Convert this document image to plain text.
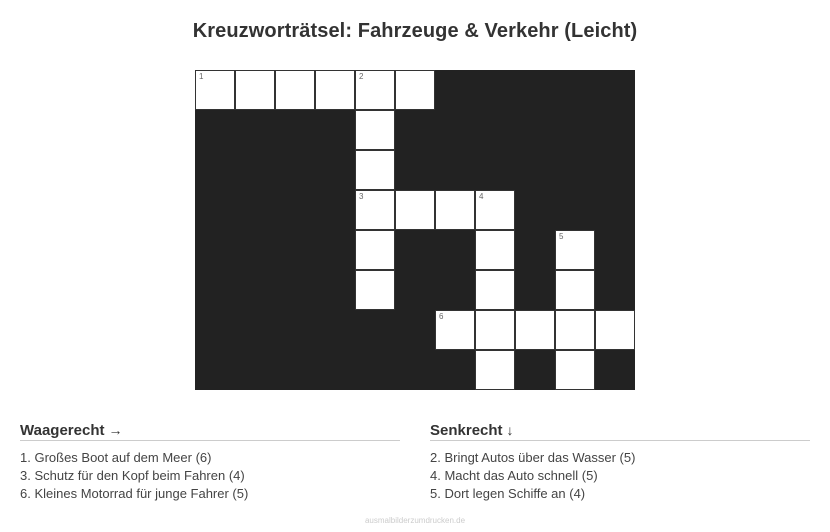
Kreuzworträtsel: Fahrzeuge & Verkehr (Leicht)
1	2
3	4
5
6
Waagerecht →
1. Großes Boot auf dem Meer (6)
3. Schutz für den Kopf beim Fahren (4)
6. Kleines Motorrad für junge Fahrer (5)
Senkrecht ↓
2. Bringt Autos über das Wasser (5)
4. Macht das Auto schnell (5)
5. Dort legen Schiffe an (4)
ausmalbilderzumdrucken.de
